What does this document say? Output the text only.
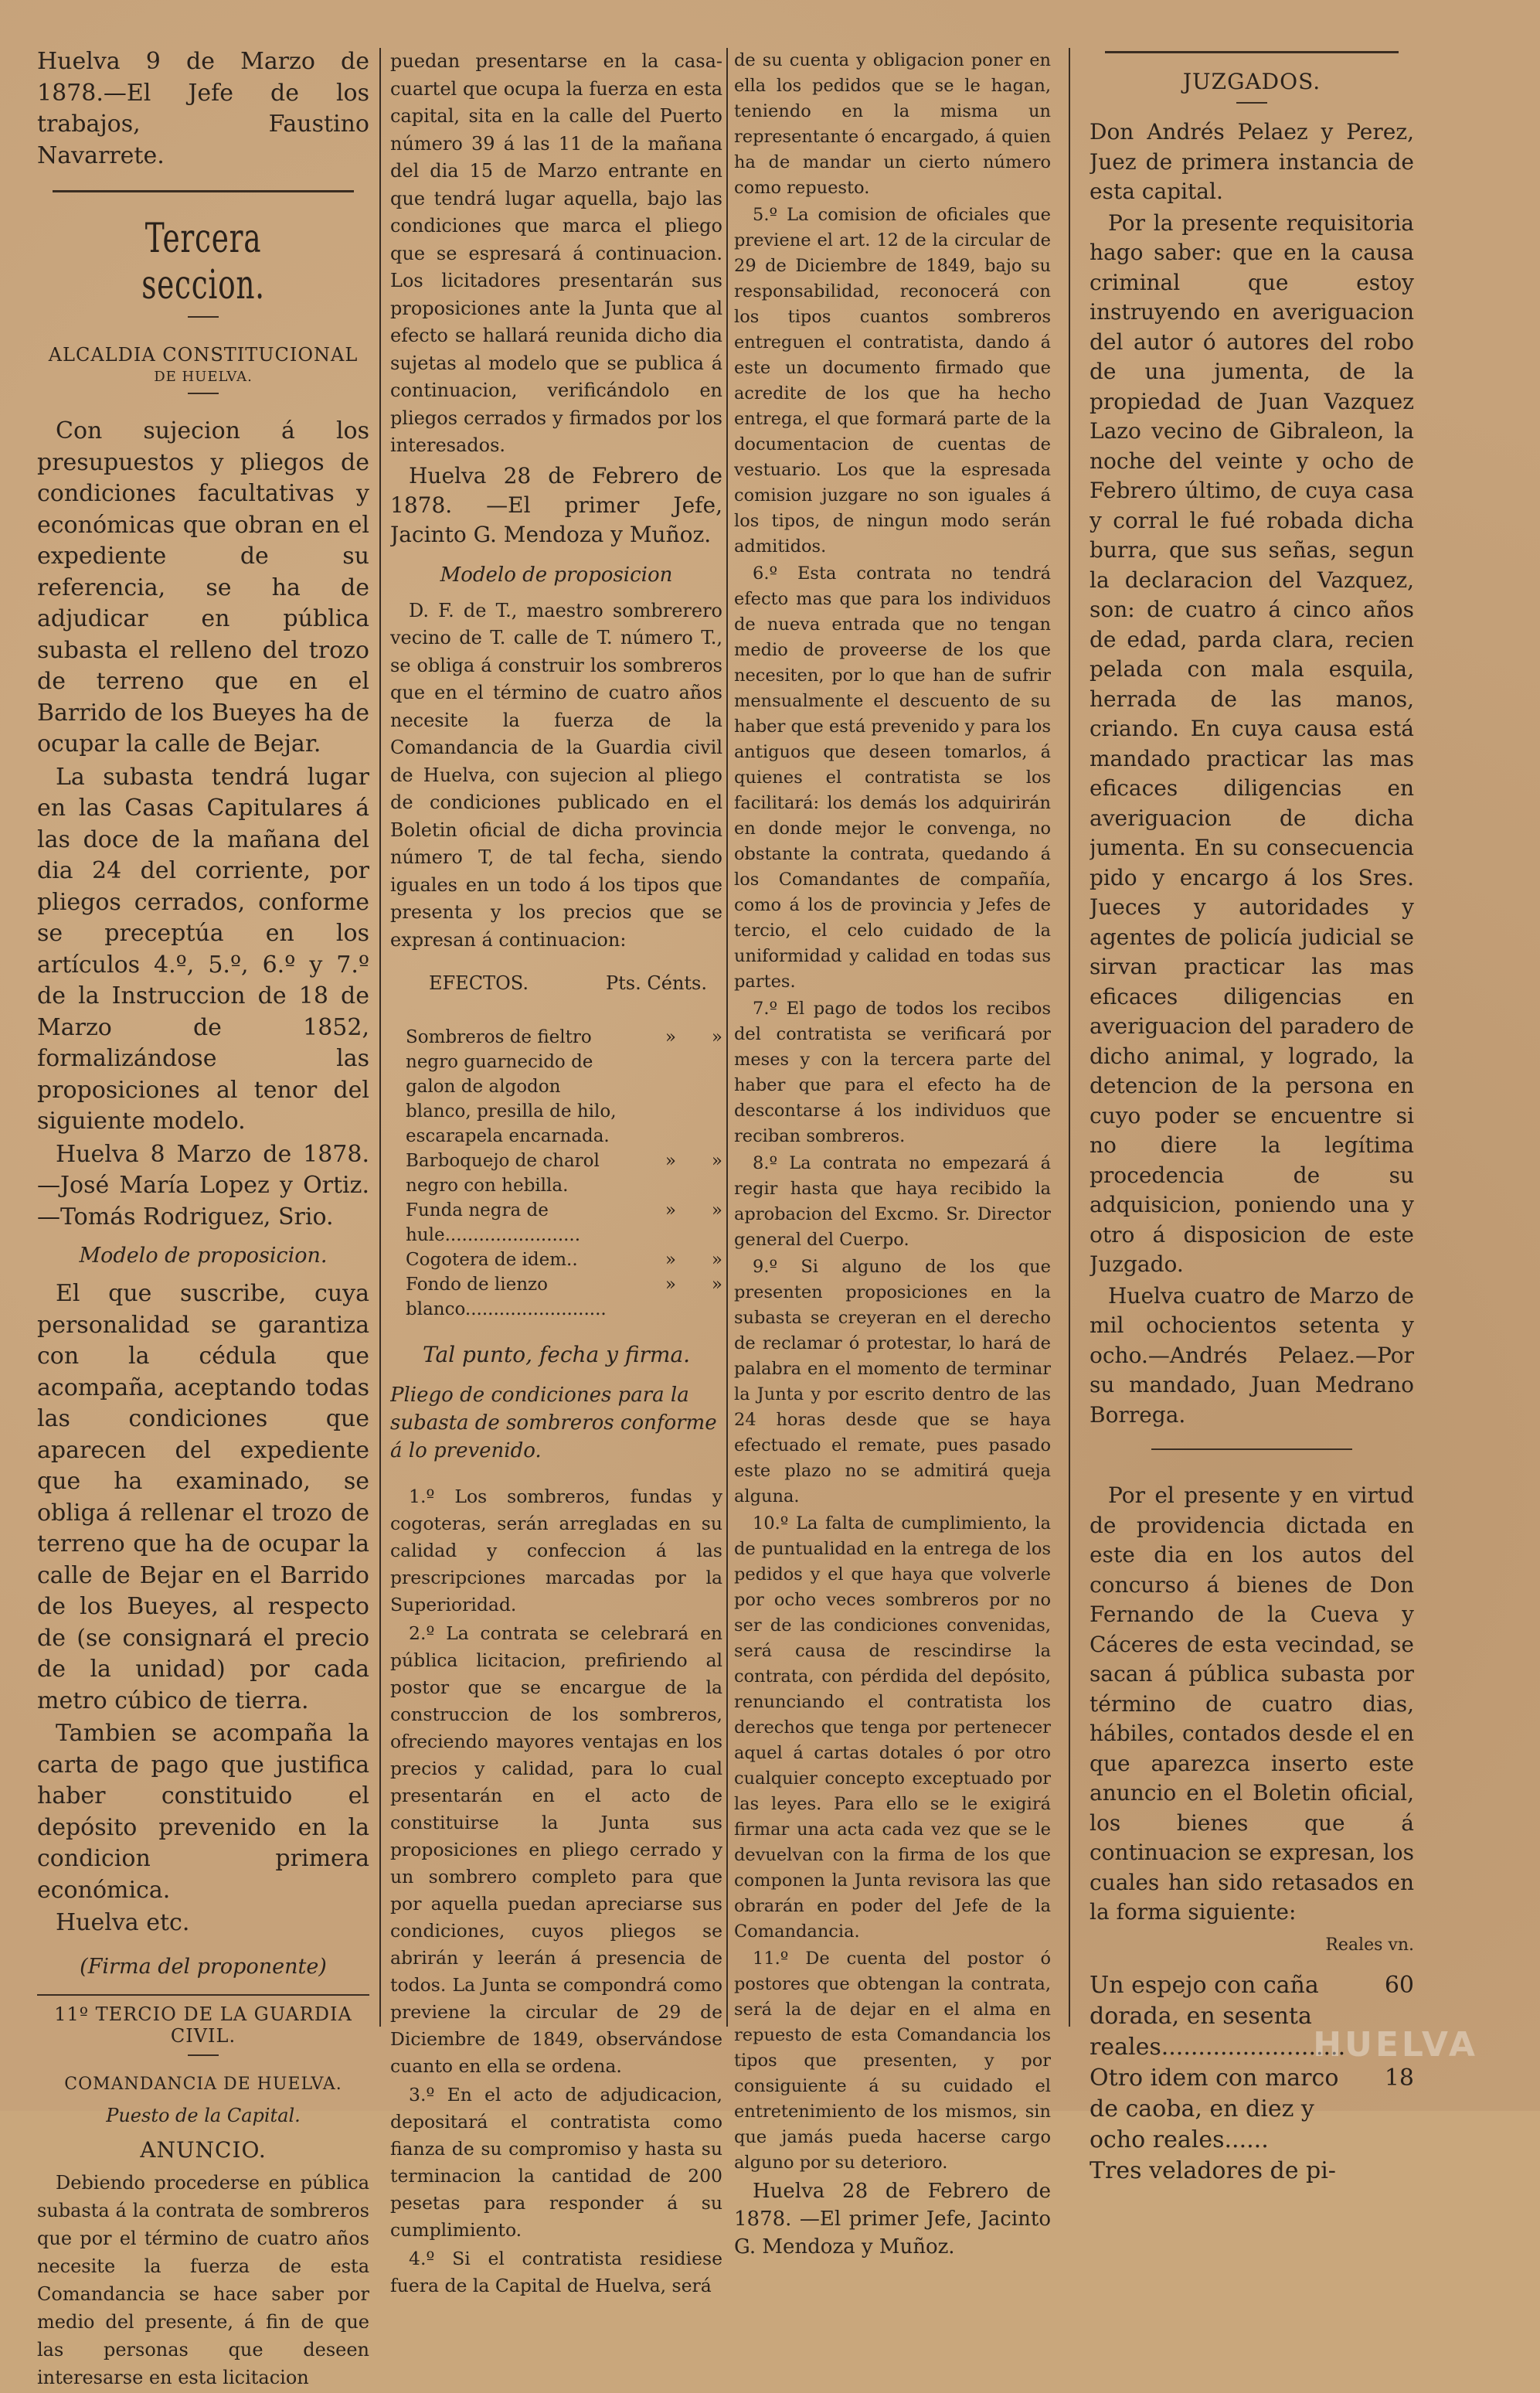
Huelva 9 de Marzo de 1878.—El Jefe de los trabajos, Faustino Navarrete.

Tercera seccion.
ALCALDIA CONSTITUCIONAL
DE HUELVA.

Con sujecion á los presupuestos y pliegos de condiciones facultativas y económicas que obran en el expediente de su referencia, se ha de adjudicar en pública subasta el relleno del trozo de terreno que en el Barrido de los Bueyes ha de ocupar la calle de Bejar.

La subasta tendrá lugar en las Casas Capitulares á las doce de la mañana del dia 24 del corriente, por pliegos cerrados, conforme se preceptúa en los artículos 4.º, 5.º, 6.º y 7.º de la Instruccion de 18 de Marzo de 1852, formalizándose las proposiciones al tenor del siguiente modelo.

Huelva 8 Marzo de 1878. —José María Lopez y Ortiz. —Tomás Rodriguez, Srio.

Modelo de proposicion.

El que suscribe, cuya personalidad se garantiza con la cédula que acompaña, aceptando todas las condiciones que aparecen del expediente que ha examinado, se obliga á rellenar el trozo de terreno que ha de ocupar la calle de Bejar en el Barrido de los Bueyes, al respecto de (se consignará el precio de la unidad) por cada metro cúbico de tierra.

Tambien se acompaña la carta de pago que justifica haber constituido el depósito prevenido en la condicion primera económica.

Huelva etc.

(Firma del proponente)
11º TERCIO DE LA GUARDIA CIVIL.
COMANDANCIA DE HUELVA.
Puesto de la Capital.
ANUNCIO.

Debiendo procederse en pública subasta á la contrata de sombreros que por el término de cuatro años necesite la fuerza de esta Comandancia se hace saber por medio del presente, á fin de que las personas que deseen interesarse en esta licitacion

puedan presentarse en la casa-cuartel que ocupa la fuerza en esta capital, sita en la calle del Puerto número 39 á las 11 de la mañana del dia 15 de Marzo entrante en que tendrá lugar aquella, bajo las condiciones que marca el pliego que se espresará á continuacion. Los licitadores presentarán sus proposiciones ante la Junta que al efecto se hallará reunida dicho dia sujetas al modelo que se publica á continuacion, verificándolo en pliegos cerrados y firmados por los interesados.

Huelva 28 de Febrero de 1878. —El primer Jefe, Jacinto G. Mendoza y Muñoz.

Modelo de proposicion

D. F. de T., maestro sombrerero vecino de T. calle de T. número T., se obliga á construir los sombreros que en el término de cuatro años necesite la fuerza de la Comandancia de la Guardia civil de Huelva, con sujecion al pliego de condiciones publicado en el Boletin oficial de dicha provincia número T, de tal fecha, siendo iguales en un todo á los tipos que presenta y los precios que se expresan á continuacion:

EFECTOS.	Pts. Cénts.
Sombreros de fieltro negro guarnecido de galon de algodon blanco, presilla de hilo, escarapela encarnada.	»	»
Barboquejo de charol negro con hebilla.	»	»
Funda negra de hule........................	»	»
Cogotera de idem..	»	»
Fondo de lienzo blanco.........................	»	»
Tal punto, fecha y firma.
Pliego de condiciones para la subasta de sombreros conforme á lo prevenido.

1.º Los sombreros, fundas y cogoteras, serán arregladas en su calidad y confeccion á las prescripciones marcadas por la Superioridad.

2.º La contrata se celebrará en pública licitacion, prefiriendo al postor que se encargue de la construccion de los sombreros, ofreciendo mayores ventajas en los precios y calidad, para lo cual presentarán en el acto de constituirse la Junta sus proposiciones en pliego cerrado y un sombrero completo para que por aquella puedan apreciarse sus condiciones, cuyos pliegos se abrirán y leerán á presencia de todos. La Junta se compondrá como previene la circular de 29 de Diciembre de 1849, observándose cuanto en ella se ordena.

3.º En el acto de adjudicacion, depositará el contratista como fianza de su compromiso y hasta su terminacion la cantidad de 200 pesetas para responder á su cumplimiento.

4.º Si el contratista residiese fuera de la Capital de Huelva, será

de su cuenta y obligacion poner en ella los pedidos que se le hagan, teniendo en la misma un representante ó encargado, á quien ha de mandar un cierto número como repuesto.

5.º La comision de oficiales que previene el art. 12 de la circular de 29 de Diciembre de 1849, bajo su responsabilidad, reconocerá con los tipos cuantos sombreros entreguen el contratista, dando á este un documento firmado que acredite de los que ha hecho entrega, el que formará parte de la documentacion de cuentas de vestuario. Los que la espresada comision juzgare no son iguales á los tipos, de ningun modo serán admitidos.

6.º Esta contrata no tendrá efecto mas que para los individuos de nueva entrada que no tengan medio de proveerse de los que necesiten, por lo que han de sufrir mensualmente el descuento de su haber que está prevenido y para los antiguos que deseen tomarlos, á quienes el contratista se los facilitará: los demás los adquirirán en donde mejor le convenga, no obstante la contrata, quedando á los Comandantes de compañía, como á los de provincia y Jefes de tercio, el celo cuidado de la uniformidad y calidad en todas sus partes.

7.º El pago de todos los recibos del contratista se verificará por meses y con la tercera parte del haber que para el efecto ha de descontarse á los individuos que reciban sombreros.

8.º La contrata no empezará á regir hasta que haya recibido la aprobacion del Excmo. Sr. Director general del Cuerpo.

9.º Si alguno de los que presenten proposiciones en la subasta se creyeran en el derecho de reclamar ó protestar, lo hará de palabra en el momento de terminar la Junta y por escrito dentro de las 24 horas desde que se haya efectuado el remate, pues pasado este plazo no se admitirá queja alguna.

10.º La falta de cumplimiento, la de puntualidad en la entrega de los pedidos y el que haya que volverle por ocho veces sombreros por no ser de las condiciones convenidas, será causa de rescindirse la contrata, con pérdida del depósito, renunciando el contratista los derechos que tenga por pertenecer aquel á cartas dotales ó por otro cualquier concepto exceptuado por las leyes. Para ello se le exigirá firmar una acta cada vez que se le devuelvan con la firma de los que componen la Junta revisora las que obrarán en poder del Jefe de la Comandancia.

11.º De cuenta del postor ó postores que obtengan la contrata, será la de dejar en el alma en repuesto de esta Comandancia los tipos que presenten, y por consiguiente á su cuidado el entretenimiento de los mismos, sin que jamás pueda hacerse cargo alguno por su deterioro.

Huelva 28 de Febrero de 1878. —El primer Jefe, Jacinto G. Mendoza y Muñoz.

JUZGADOS.

Don Andrés Pelaez y Perez, Juez de primera instancia de esta capital.

Por la presente requisitoria hago saber: que en la causa criminal que estoy instruyendo en averiguacion del autor ó autores del robo de una jumenta, de la propiedad de Juan Vazquez Lazo vecino de Gibraleon, la noche del veinte y ocho de Febrero último, de cuya casa y corral le fué robada dicha burra, que sus señas, segun la declaracion del Vazquez, son: de cuatro á cinco años de edad, parda clara, recien pelada con mala esquila, herrada de las manos, criando. En cuya causa está mandado practicar las mas eficaces diligencias en averiguacion de dicha jumenta. En su consecuencia pido y encargo á los Sres. Jueces y autoridades y agentes de policía judicial se sirvan practicar las mas eficaces diligencias en averiguacion del paradero de dicho animal, y logrado, la detencion de la persona en cuyo poder se encuentre si no diere la legítima procedencia de su adquisicion, poniendo una y otro á disposicion de este Juzgado.

Huelva cuatro de Marzo de mil ochocientos setenta y ocho.—Andrés Pelaez.—Por su mandado, Juan Medrano Borrega.

Por el presente y en virtud de providencia dictada en este dia en los autos del concurso á bienes de Don Fernando de la Cueva y Cáceres de esta vecindad, se sacan á pública subasta por término de cuatro dias, hábiles, contados desde el en que aparezca inserto este anuncio en el Boletin oficial, los bienes que á continuacion se expresan, los cuales han sido retasados en la forma siguiente:

Reales vn.
Un espejo con caña dorada, en sesenta reales.........................
60
Otro idem con marco de caoba, en diez y ocho reales......
18
Tres veladores de pi-
HUELVA
